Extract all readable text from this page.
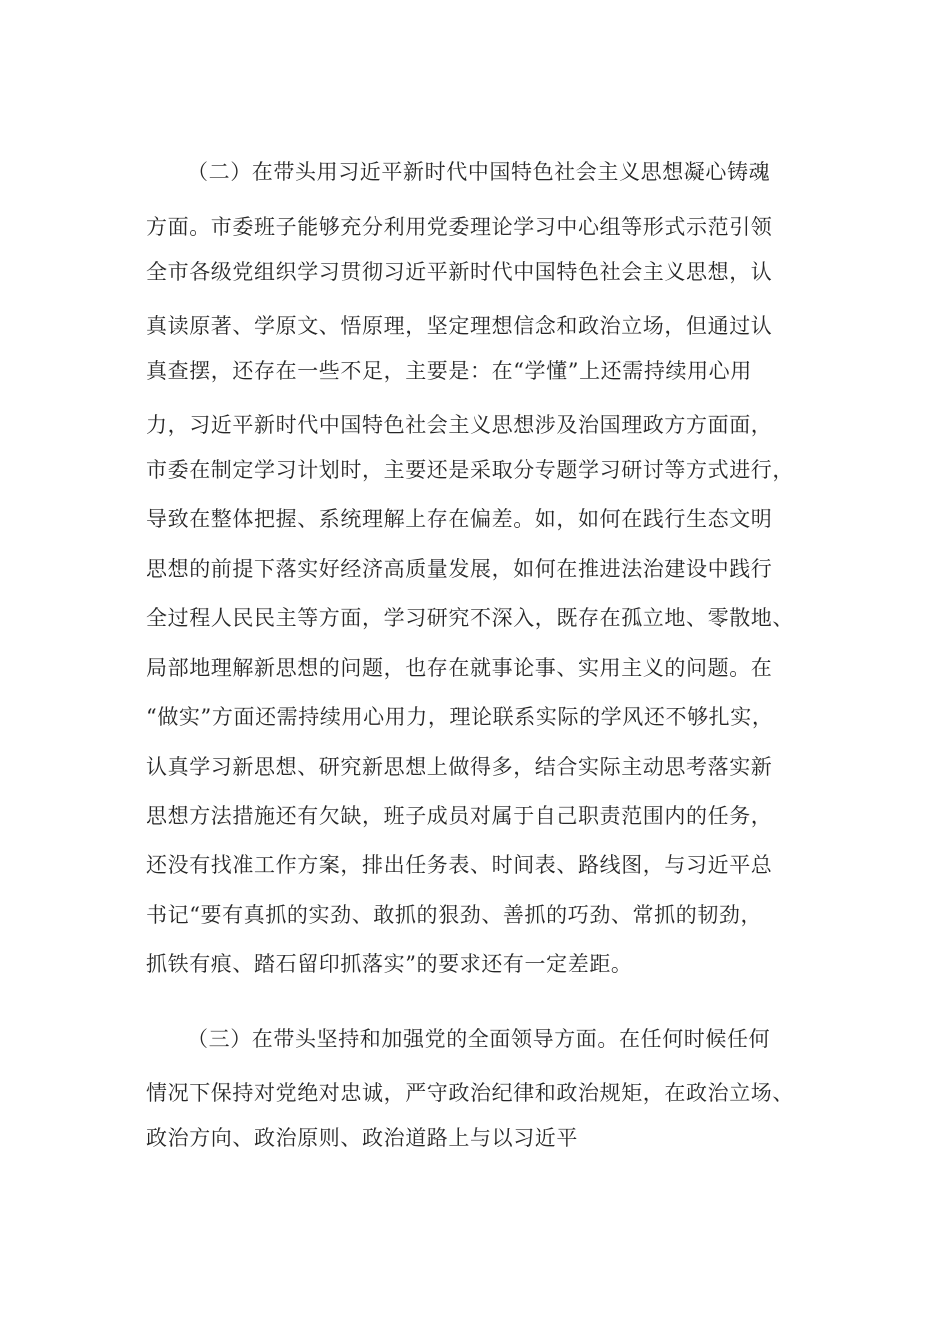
（二）在带头用习近平新时代中国特色社会主义思想凝心铸魂
方面。市委班子能够充分利用党委理论学习中心组等形式示范引领
全市各级党组织学习贯彻习近平新时代中国特色社会主义思想，认
真读原著、学原文、悟原理，坚定理想信念和政治立场，但通过认
真查摆，还存在一些不足，主要是：在“学懂”上还需持续用心用
力，习近平新时代中国特色社会主义思想涉及治国理政方方面面，
市委在制定学习计划时，主要还是采取分专题学习研讨等方式进行，
导致在整体把握、系统理解上存在偏差。如，如何在践行生态文明
思想的前提下落实好经济高质量发展，如何在推进法治建设中践行
全过程人民民主等方面，学习研究不深入，既存在孤立地、零散地、
局部地理解新思想的问题，也存在就事论事、实用主义的问题。在
“做实”方面还需持续用心用力，理论联系实际的学风还不够扎实，
认真学习新思想、研究新思想上做得多，结合实际主动思考落实新
思想方法措施还有欠缺，班子成员对属于自己职责范围内的任务，
还没有找准工作方案，排出任务表、时间表、路线图，与习近平总
书记“要有真抓的实劲、敢抓的狠劲、善抓的巧劲、常抓的韧劲，
抓铁有痕、踏石留印抓落实”的要求还有一定差距。
（三）在带头坚持和加强党的全面领导方面。在任何时候任何
情况下保持对党绝对忠诚，严守政治纪律和政治规矩，在政治立场、
政治方向、政治原则、政治道路上与以习近平
